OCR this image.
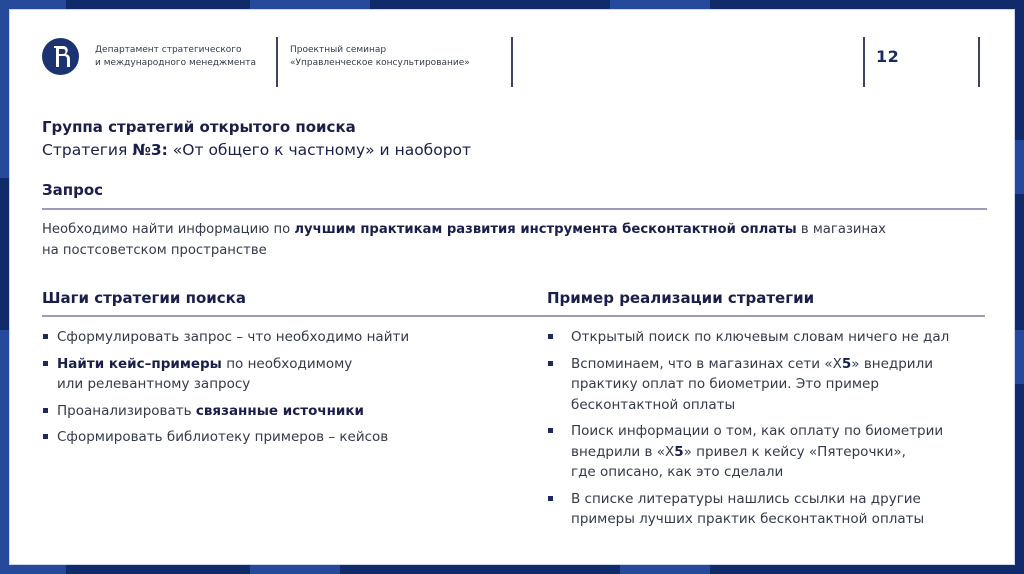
Департамент стратегического
и международного менеджмента
Проектный семинар
«Управленческое консультирование»	12
Группа стратегий открытого поиска
Стратегия №3: «От общего к частному» и наоборот
Запрос
Необходимо найти информацию по лучшим практикам развития инструмента бесконтактной оплаты в магазинах
на постсоветском пространстве
Шаги стратегии поиска	Пример реализации стратегии
Сформулировать запрос – что необходимо найти
Найти кейс–примеры по необходимому
или релевантному запросу
Проанализировать связанные источники
Сформировать библиотеку примеров – кейсов
Открытый поиск по ключевым словам ничего не дал
Вспоминаем, что в магазинах сети «Х5» внедрили
практику оплат по биометрии. Это пример
бесконтактной оплаты
Поиск информации о том, как оплату по биометрии
внедрили в «Х5» привел к кейсу «Пятерочки»,
где описано, как это сделали
В списке литературы нашлись ссылки на другие
примеры лучших практик бесконтактной оплаты
